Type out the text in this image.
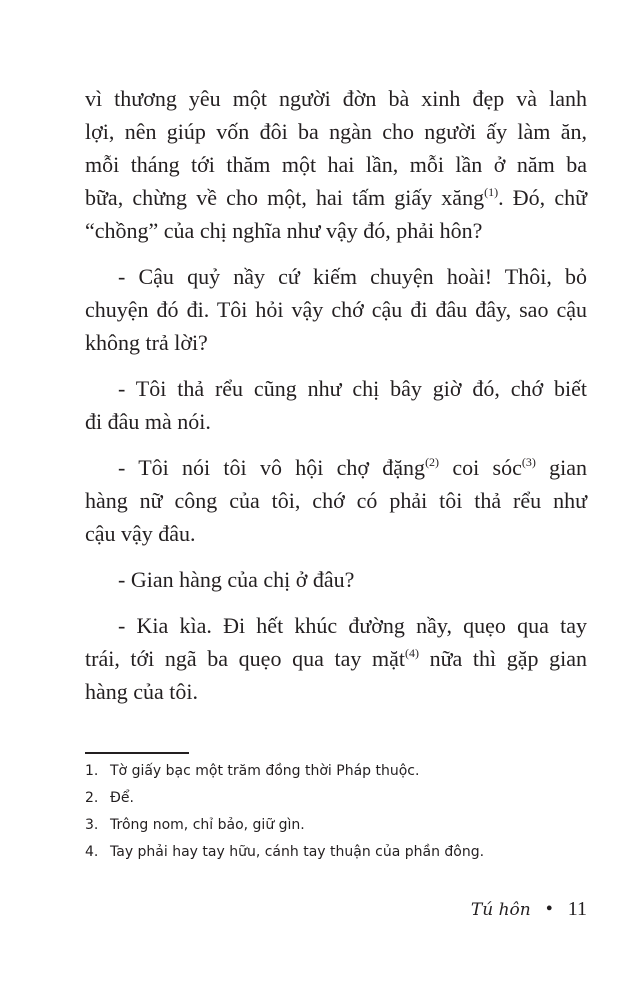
vì thương yêu một người đờn bà xinh đẹp và lanh
lợi, nên giúp vốn đôi ba ngàn cho người ấy làm ăn,
mỗi tháng tới thăm một hai lần, mỗi lần ở năm ba
bữa, chừng về cho một, hai tấm giấy xăng$^{(1)}$. Đó, chữ
“chồng” của chị nghĩa như vậy đó, phải hôn?
- Cậu quỷ nầy cứ kiếm chuyện hoài! Thôi, bỏ
chuyện đó đi. Tôi hỏi vậy chớ cậu đi đâu đây, sao cậu
không trả lời?
- Tôi thả rểu cũng như chị bây giờ đó, chớ biết
đi đâu mà nói.
- Tôi nói tôi vô hội chợ đặng$^{(2)}$ coi sóc$^{(3)}$ gian
hàng nữ công của tôi, chớ có phải tôi thả rểu như
cậu vậy đâu.
- Gian hàng của chị ở đâu?
- Kia kìa. Đi hết khúc đường nầy, quẹo qua tay
trái, tới ngã ba quẹo qua tay mặt$^{(4)}$ nữa thì gặp gian
hàng của tôi.
1. Tờ giấy bạc một trăm đồng thời Pháp thuộc.
2. Để.
3. Trông nom, chỉ bảo, giữ gìn.
4. Tay phải hay tay hữu, cánh tay thuận của phần đông.
Tú hôn • 11
